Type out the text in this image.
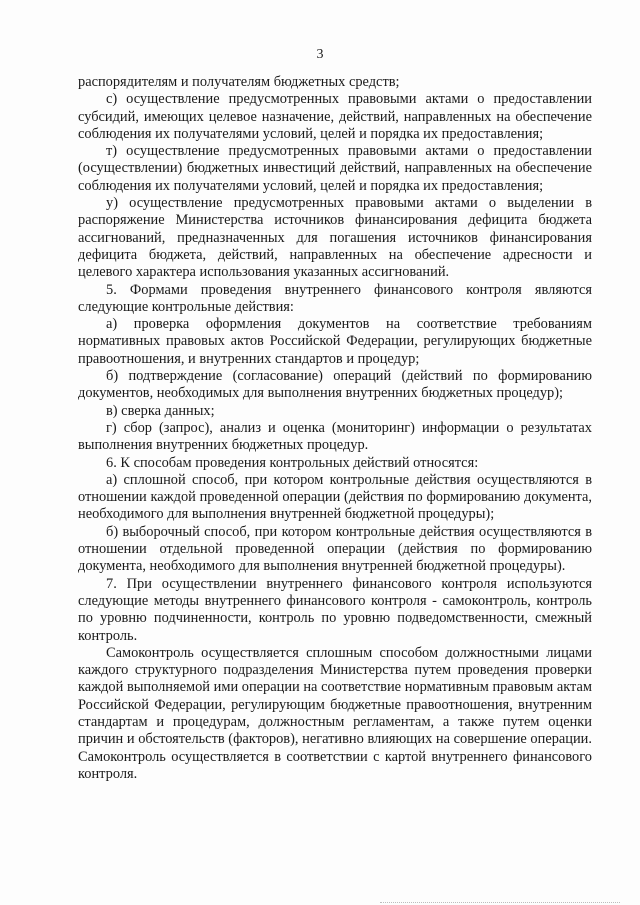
3

распорядителям и получателям бюджетных средств;

с) осуществление предусмотренных правовыми актами о предоставлении субсидий, имеющих целевое назначение, действий, направленных на обеспечение соблюдения их получателями условий, целей и порядка их предоставления;

т) осуществление предусмотренных правовыми актами о предоставлении (осуществлении) бюджетных инвестиций действий, направленных на обеспечение соблюдения их получателями условий, целей и порядка их предоставления;

у) осуществление предусмотренных правовыми актами о выделении в распоряжение Министерства источников финансирования дефицита бюджета ассигнований, предназначенных для погашения источников финансирования дефицита бюджета, действий, направленных на обеспечение адресности и целевого характера использования указанных ассигнований.

5. Формами проведения внутреннего финансового контроля являются следующие контрольные действия:

а) проверка оформления документов на соответствие требованиям нормативных правовых актов Российской Федерации, регулирующих бюджетные правоотношения, и внутренних стандартов и процедур;

б) подтверждение (согласование) операций (действий по формированию документов, необходимых для выполнения внутренних бюджетных процедур);

в) сверка данных;

г) сбор (запрос), анализ и оценка (мониторинг) информации о результатах выполнения внутренних бюджетных процедур.

6. К способам проведения контрольных действий относятся:

а) сплошной способ, при котором контрольные действия осуществляются в отношении каждой проведенной операции (действия по формированию документа, необходимого для выполнения внутренней бюджетной процедуры);

б) выборочный способ, при котором контрольные действия осуществляются в отношении отдельной проведенной операции (действия по формированию документа, необходимого для выполнения внутренней бюджетной процедуры).

7. При осуществлении внутреннего финансового контроля используются следующие методы внутреннего финансового контроля - самоконтроль, контроль по уровню подчиненности, контроль по уровню подведомственности, смежный контроль.

Самоконтроль осуществляется сплошным способом должностными лицами каждого структурного подразделения Министерства путем проведения проверки каждой выполняемой ими операции на соответствие нормативным правовым актам Российской Федерации, регулирующим бюджетные правоотношения, внутренним стандартам и процедурам, должностным регламентам, а также путем оценки причин и обстоятельств (факторов), негативно влияющих на совершение операции. Самоконтроль осуществляется в соответствии с картой внутреннего финансового контроля.
